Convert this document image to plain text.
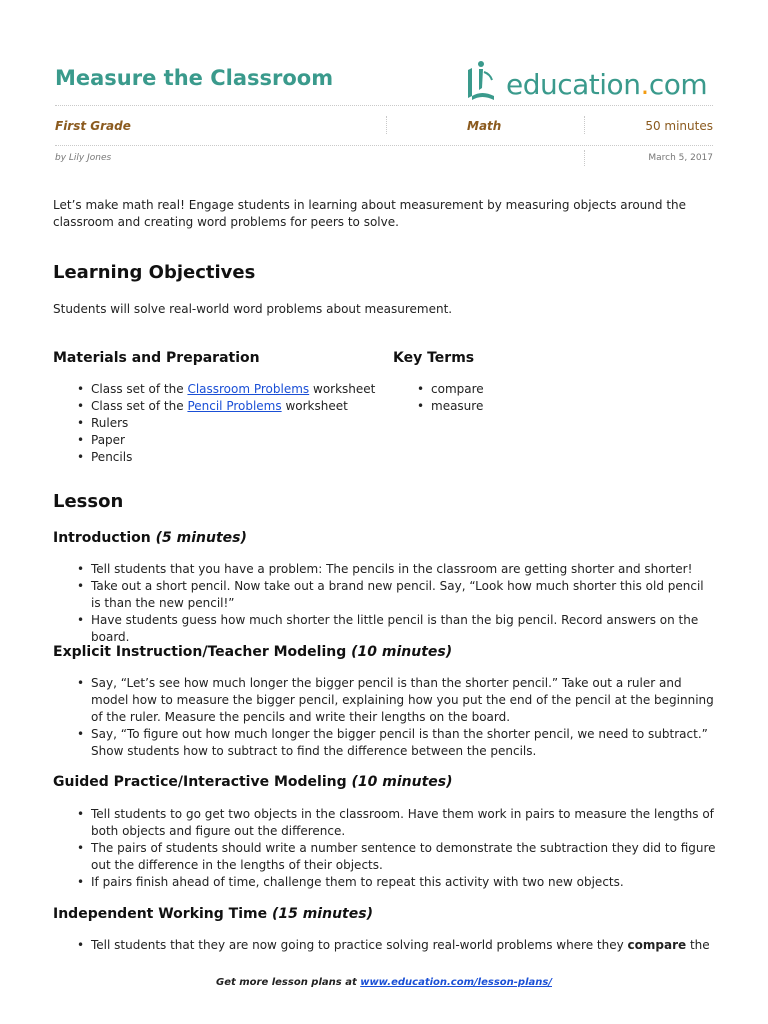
Measure the Classroom	education.com
First Grade	Math	50 minutes
by Lily Jones	March 5, 2017
Let’s make math real! Engage students in learning about measurement by measuring objects around the classroom and creating word problems for peers to solve.
Learning Objectives
Students will solve real-world word problems about measurement.
Materials and Preparation
• Class set of the Classroom Problems worksheet
• Class set of the Pencil Problems worksheet
• Rulers
• Paper
• Pencils
Key Terms
• compare
• measure
Lesson
Introduction (5 minutes)
• Tell students that you have a problem: The pencils in the classroom are getting shorter and shorter!
• Take out a short pencil. Now take out a brand new pencil. Say, “Look how much shorter this old pencil is than the new pencil!”
• Have students guess how much shorter the little pencil is than the big pencil. Record answers on the board.
Explicit Instruction/Teacher Modeling (10 minutes)
• Say, “Let’s see how much longer the bigger pencil is than the shorter pencil.” Take out a ruler and model how to measure the bigger pencil, explaining how you put the end of the pencil at the beginning of the ruler. Measure the pencils and write their lengths on the board.
• Say, “To figure out how much longer the bigger pencil is than the shorter pencil, we need to subtract.” Show students how to subtract to find the difference between the pencils.
Guided Practice/Interactive Modeling (10 minutes)
• Tell students to go get two objects in the classroom. Have them work in pairs to measure the lengths of both objects and figure out the difference.
• The pairs of students should write a number sentence to demonstrate the subtraction they did to figure out the difference in the lengths of their objects.
• If pairs finish ahead of time, challenge them to repeat this activity with two new objects.
Independent Working Time (15 minutes)
• Tell students that they are now going to practice solving real-world problems where they compare the
Get more lesson plans at www.education.com/lesson-plans/
